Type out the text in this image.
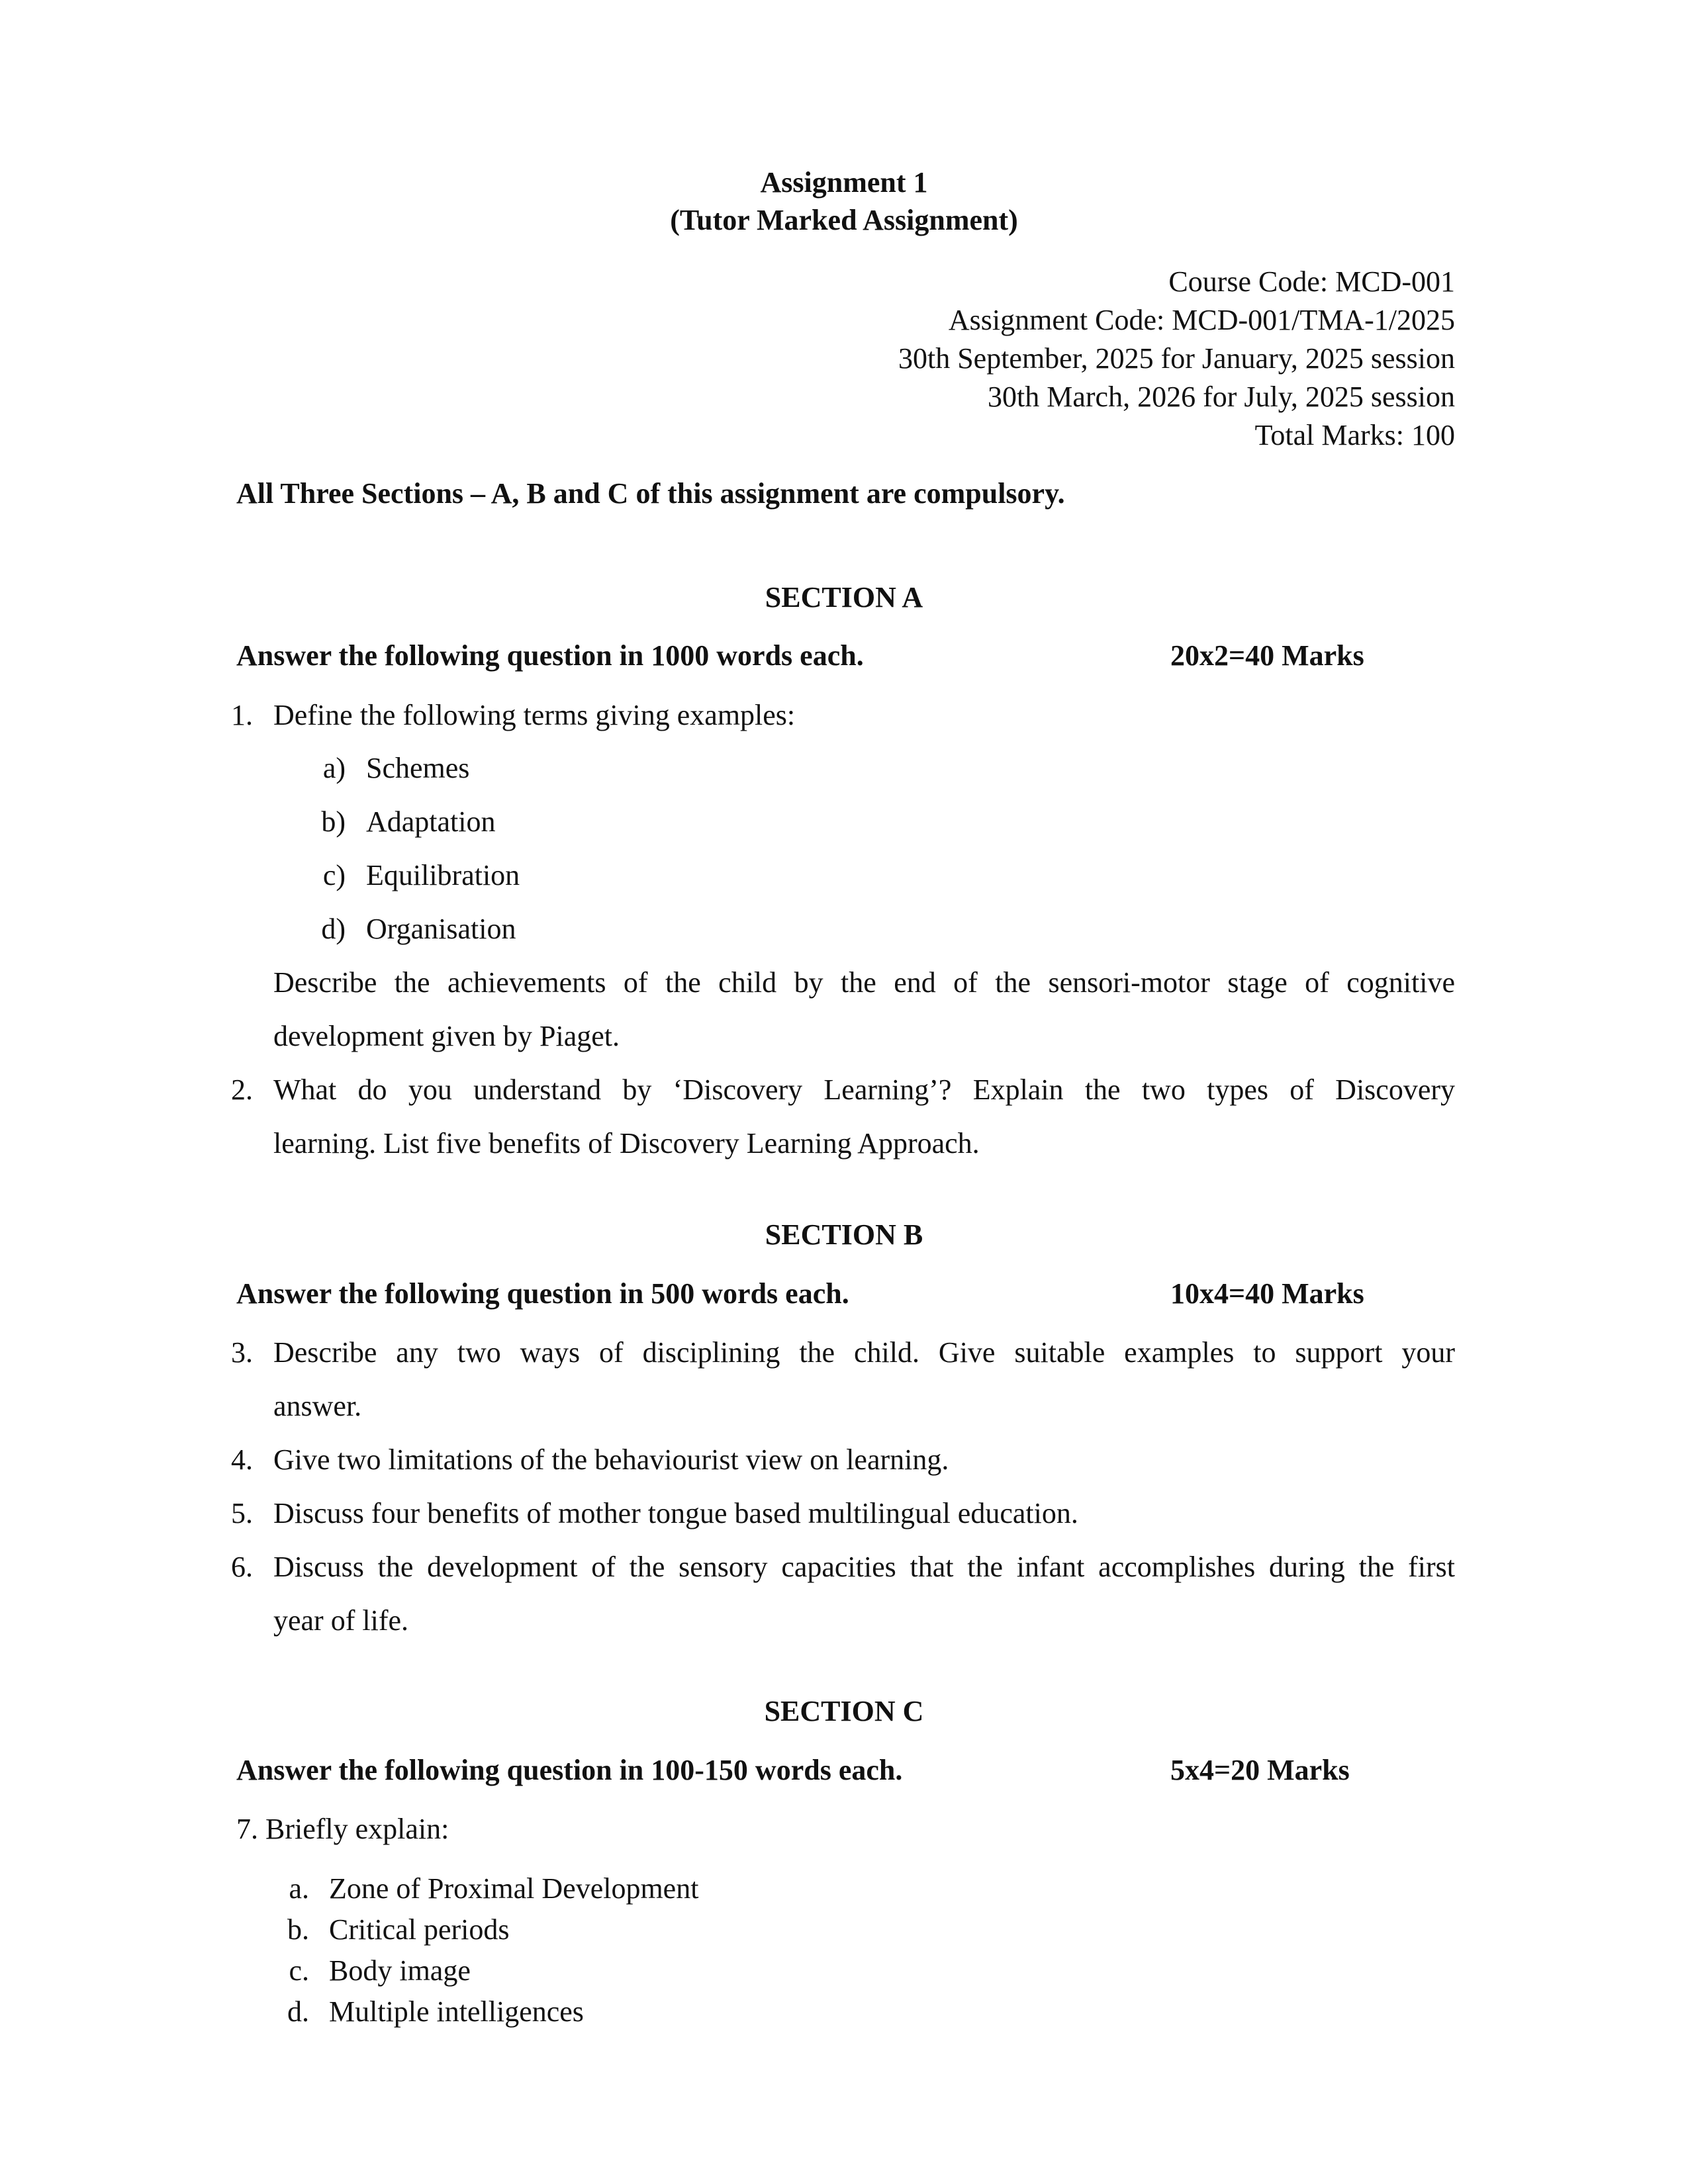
Assignment 1
(Tutor Marked Assignment)
Course Code: MCD-001
Assignment Code: MCD-001/TMA-1/2025
30th September, 2025 for January, 2025 session
30th March, 2026 for July, 2025 session
Total Marks: 100
All Three Sections – A, B and C of this assignment are compulsory.
SECTION A
Answer the following question in 1000 words each.	20x2=40 Marks
1. Define the following terms giving examples:
a) Schemes
b) Adaptation
c) Equilibration
d) Organisation
Describe the achievements of the child by the end of the sensori-motor stage of cognitive
development given by Piaget.
2. What do you understand by ‘Discovery Learning’? Explain the two types of Discovery
learning. List five benefits of Discovery Learning Approach.
SECTION B
Answer the following question in 500 words each.	10x4=40 Marks
3. Describe any two ways of disciplining the child. Give suitable examples to support your
answer.
4. Give two limitations of the behaviourist view on learning.
5. Discuss four benefits of mother tongue based multilingual education.
6. Discuss the development of the sensory capacities that the infant accomplishes during the first
year of life.
SECTION C
Answer the following question in 100-150 words each.	5x4=20 Marks
7. Briefly explain:
a. Zone of Proximal Development
b. Critical periods
c. Body image
d. Multiple intelligences
